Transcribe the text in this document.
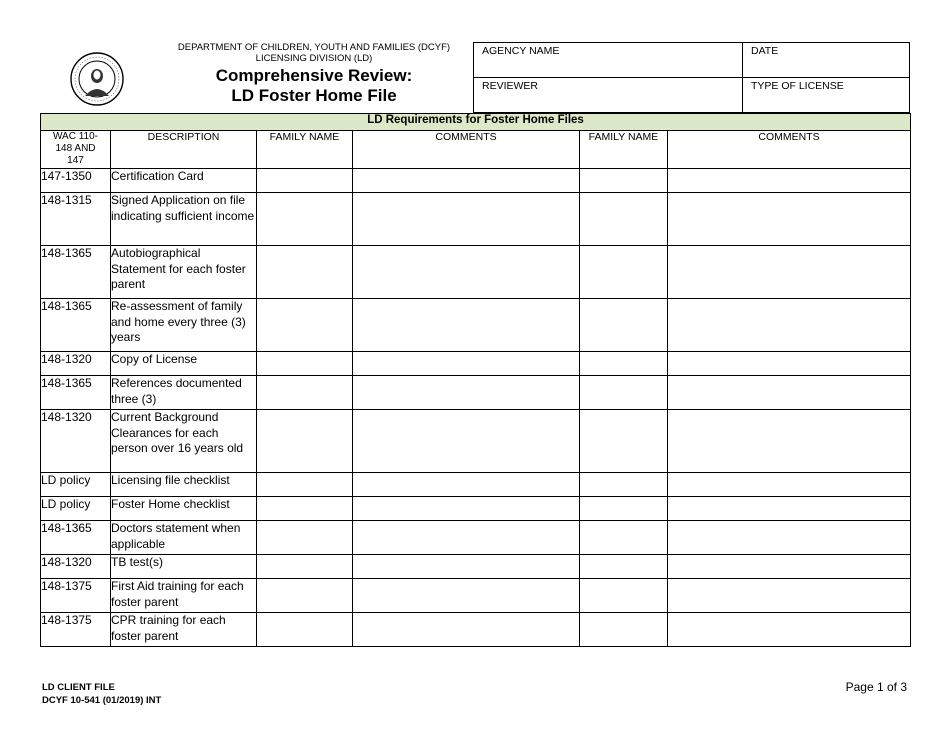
DEPARTMENT OF CHILDREN, YOUTH AND FAMILIES (DCYF)
LICENSING DIVISION (LD)
Comprehensive Review:
LD Foster Home File
AGENCY NAME	DATE
REVIEWER	TYPE OF LICENSE
LD Requirements for Foster Home Files					

WAC 110-
148 AND
147	DESCRIPTION	FAMILY NAME	COMMENTS	FAMILY NAME	COMMENTS
147-1350	Certification Card				
148-1315	Signed Application on file indicating sufficient income				
148-1365	Autobiographical Statement for each foster parent				
148-1365	Re-assessment of family and home every three (3) years				
148-1320	Copy of License				
148-1365	References documented three (3)				
148-1320	Current Background Clearances for each person over 16 years old				
LD policy	Licensing file checklist				
LD policy	Foster Home checklist				
148-1365	Doctors statement when applicable				
148-1320	TB test(s)				
148-1375	First Aid training for each foster parent				
148-1375	CPR training for each foster parent				
LD CLIENT FILE
DCYF 10-541 (01/2019) INT
Page 1 of 3
